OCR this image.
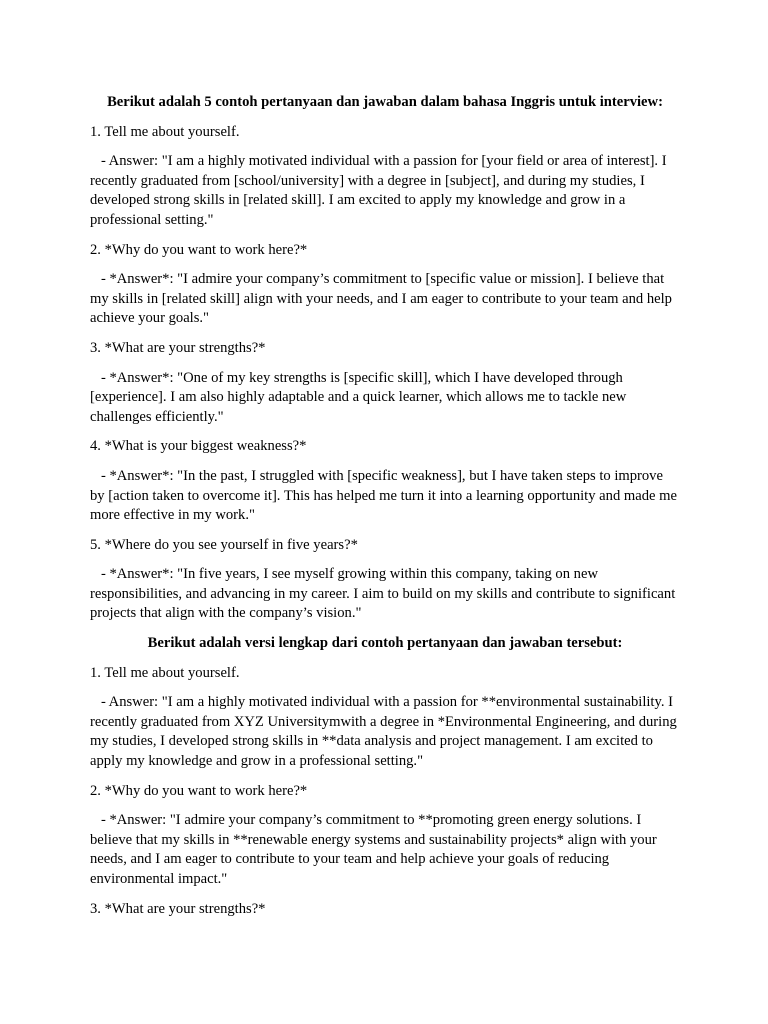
Berikut adalah 5 contoh pertanyaan dan jawaban dalam bahasa Inggris untuk interview:

1. Tell me about yourself.

- Answer: "I am a highly motivated individual with a passion for [your field or area of interest]. I recently graduated from [school/university] with a degree in [subject], and during my studies, I developed strong skills in [related skill]. I am excited to apply my knowledge and grow in a professional setting."

2. *Why do you want to work here?*

- *Answer*: "I admire your company’s commitment to [specific value or mission]. I believe that my skills in [related skill] align with your needs, and I am eager to contribute to your team and help achieve your goals."

3. *What are your strengths?*

- *Answer*: "One of my key strengths is [specific skill], which I have developed through [experience]. I am also highly adaptable and a quick learner, which allows me to tackle new challenges efficiently."

4. *What is your biggest weakness?*

- *Answer*: "In the past, I struggled with [specific weakness], but I have taken steps to improve by [action taken to overcome it]. This has helped me turn it into a learning opportunity and made me more effective in my work."

5. *Where do you see yourself in five years?*

- *Answer*: "In five years, I see myself growing within this company, taking on new responsibilities, and advancing in my career. I aim to build on my skills and contribute to significant projects that align with the company’s vision."

Berikut adalah versi lengkap dari contoh pertanyaan dan jawaban tersebut:

1. Tell me about yourself.

- Answer: "I am a highly motivated individual with a passion for **environmental sustainability. I recently graduated from XYZ Universitymwith a degree in *Environmental Engineering, and during my studies, I developed strong skills in **data analysis and project management. I am excited to apply my knowledge and grow in a professional setting."

2. *Why do you want to work here?*

- *Answer: "I admire your company’s commitment to **promoting green energy solutions. I believe that my skills in **renewable energy systems and sustainability projects* align with your needs, and I am eager to contribute to your team and help achieve your goals of reducing environmental impact."

3. *What are your strengths?*
